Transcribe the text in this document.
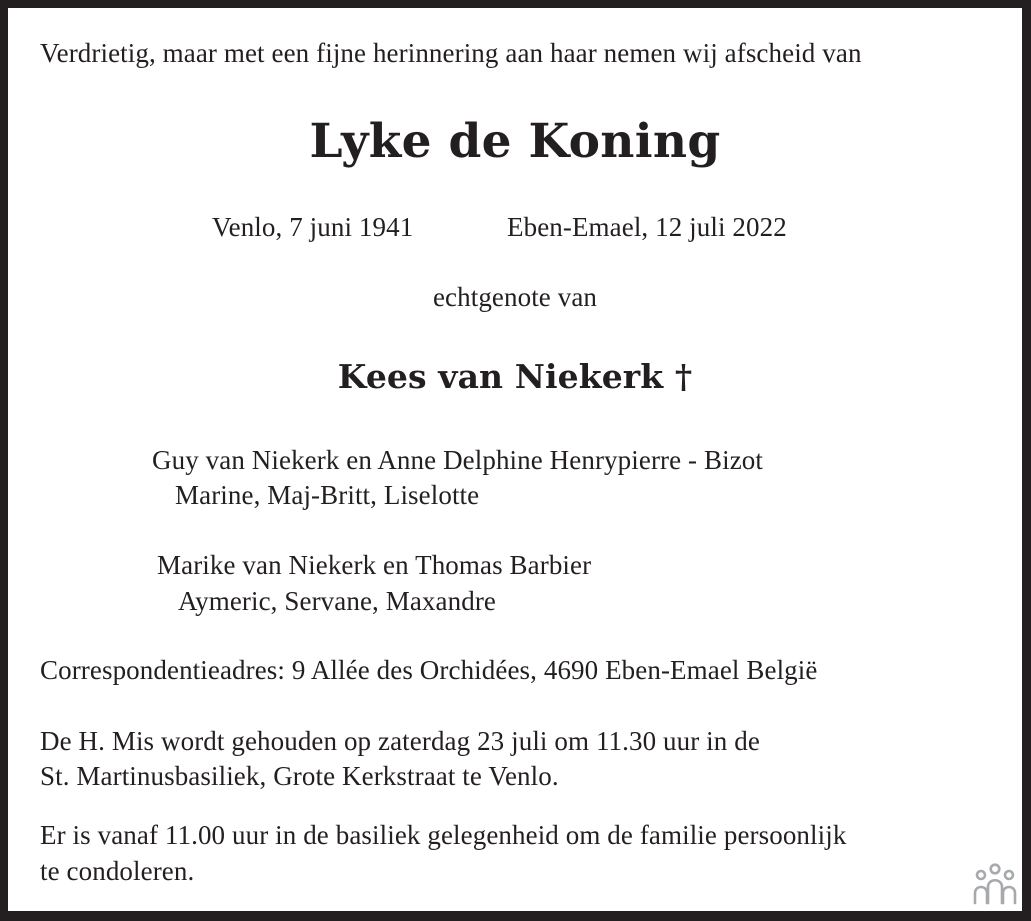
Verdrietig, maar met een fijne herinnering aan haar nemen wij afscheid van
Lyke de Koning
Venlo, 7 juni 1941	Eben-Emael, 12 juli 2022
echtgenote van
Kees van Niekerk †
Guy van Niekerk en Anne Delphine Henrypierre - Bizot
Marine, Maj-Britt, Liselotte
Marike van Niekerk en Thomas Barbier
Aymeric, Servane, Maxandre
Correspondentieadres: 9 Allée des Orchidées, 4690 Eben-Emael België
De H. Mis wordt gehouden op zaterdag 23 juli om 11.30 uur in de
St. Martinusbasiliek, Grote Kerkstraat te Venlo.
Er is vanaf 11.00 uur in de basiliek gelegenheid om de familie persoonlijk
te condoleren.
